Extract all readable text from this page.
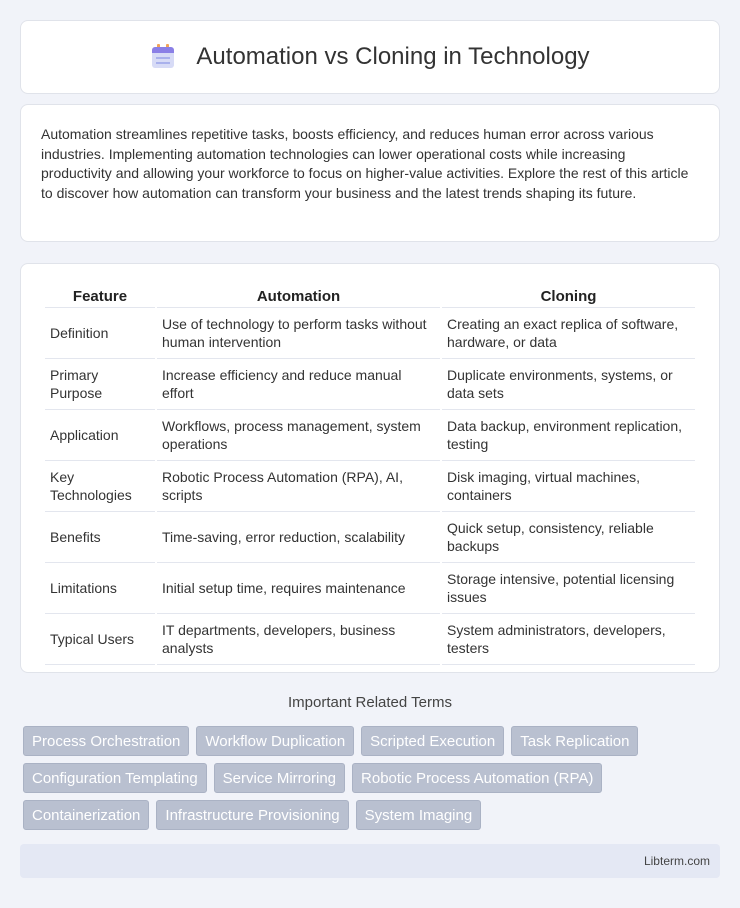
Automation vs Cloning in Technology

Automation streamlines repetitive tasks, boosts efficiency, and reduces human error across various industries. Implementing automation technologies can lower operational costs while increasing productivity and allowing your workforce to focus on higher-value activities. Explore the rest of this article to discover how automation can transform your business and the latest trends shaping its future.

Feature	Automation	Cloning
Definition	Use of technology to perform tasks without human intervention	Creating an exact replica of software, hardware, or data
Primary Purpose	Increase efficiency and reduce manual effort	Duplicate environments, systems, or data sets
Application	Workflows, process management, system operations	Data backup, environment replication, testing
Key Technologies	Robotic Process Automation (RPA), AI, scripts	Disk imaging, virtual machines, containers
Benefits	Time-saving, error reduction, scalability	Quick setup, consistency, reliable backups
Limitations	Initial setup time, requires maintenance	Storage intensive, potential licensing issues
Typical Users	IT departments, developers, business analysts	System administrators, developers, testers
Important Related Terms
Process Orchestration	Workflow Duplication	Scripted Execution	Task Replication
Configuration Templating	Service Mirroring	Robotic Process Automation (RPA)
Containerization	Infrastructure Provisioning	System Imaging
Libterm.com
